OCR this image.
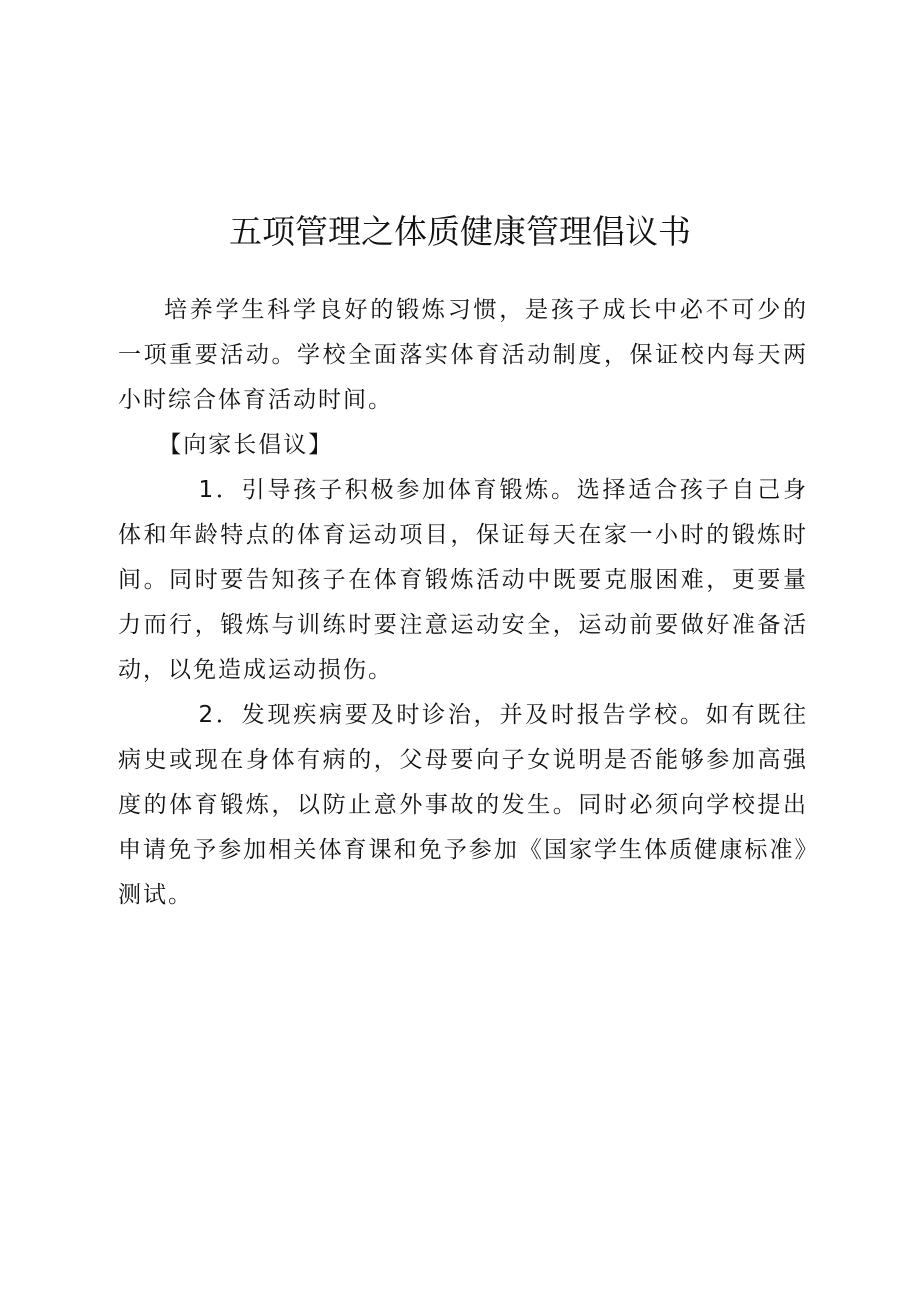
五项管理之体质健康管理倡议书

培养学生科学良好的锻炼习惯，是孩子成长中必不可少的一项重要活动。学校全面落实体育活动制度，保证校内每天两小时综合体育活动时间。

【向家长倡议】

1．引导孩子积极参加体育锻炼。选择适合孩子自己身体和年龄特点的体育运动项目，保证每天在家一小时的锻炼时间。同时要告知孩子在体育锻炼活动中既要克服困难，更要量力而行，锻炼与训练时要注意运动安全，运动前要做好准备活动，以免造成运动损伤。

2．发现疾病要及时诊治，并及时报告学校。如有既往病史或现在身体有病的，父母要向子女说明是否能够参加高强度的体育锻炼，以防止意外事故的发生。同时必须向学校提出申请免予参加相关体育课和免予参加《国家学生体质健康标准》测试。
